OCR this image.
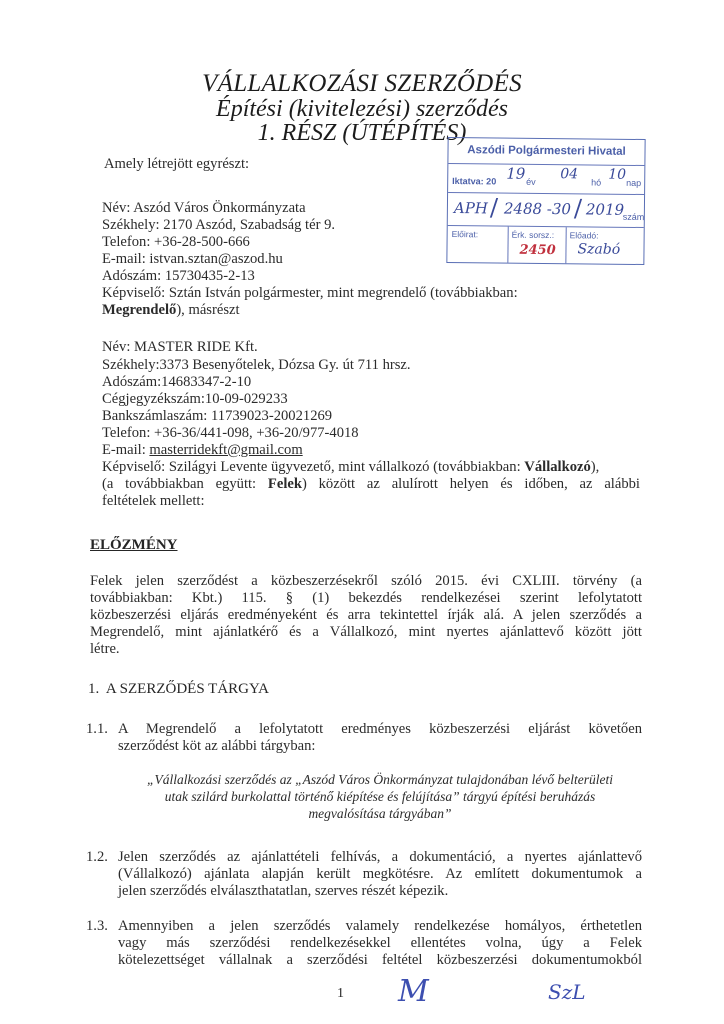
VÁLLALKOZÁSI SZERZŐDÉS
Építési (kivitelezési) szerződés
1. RÉSZ (ÚTÉPÍTÉS)
Aszódi Polgármesteri Hivatal
Iktatva: 20 19 év 04
hó 10
nap
APH / 2488 -30 / 2019
szám
Előirat:	Érk. sorsz.:
2450
Előadó:
Szabó
Amely létrejött egyrészt:
Név: Aszód Város Önkormányzata
Székhely: 2170 Aszód, Szabadság tér 9.
Telefon: +36-28-500-666
E-mail: istvan.sztan@aszod.hu
Adószám: 15730435-2-13
Képviselő: Sztán István polgármester, mint megrendelő (továbbiakban:
Megrendelő), másrészt
Név: MASTER RIDE Kft.
Székhely:3373 Besenyőtelek, Dózsa Gy. út 711 hrsz.
Adószám:14683347-2-10
Cégjegyzékszám:10-09-029233
Bankszámlaszám: 11739023-20021269
Telefon: +36-36/441-098, +36-20/977-4018
E-mail: masterridekft@gmail.com
Képviselő: Szilágyi Levente ügyvezető, mint vállalkozó (továbbiakban: Vállalkozó),
(a továbbiakban együtt: Felek) között az alulírott helyen és időben, az alábbi
feltételek mellett:
ELŐZMÉNY
Felek jelen szerződést a közbeszerzésekről szóló 2015. évi CXLIII. törvény (a
továbbiakban: Kbt.) 115. § (1) bekezdés rendelkezései szerint lefolytatott
közbeszerzési eljárás eredményeként és arra tekintettel írják alá. A jelen szerződés a
Megrendelő, mint ajánlatkérő és a Vállalkozó, mint nyertes ajánlattevő között jött
létre.
1.  A SZERZŐDÉS TÁRGYA
1.1. A Megrendelő a lefolytatott eredményes közbeszerzési eljárást követően
szerződést köt az alábbi tárgyban:
„Vállalkozási szerződés az „Aszód Város Önkormányzat tulajdonában lévő belterületi
utak szilárd burkolattal történő kiépítése és felújítása” tárgyú építési beruházás
megvalósítása tárgyában”
1.2. Jelen szerződés az ajánlattételi felhívás, a dokumentáció, a nyertes ajánlattevő
(Vállalkozó) ajánlata alapján került megkötésre. Az említett dokumentumok a
jelen szerződés elválaszthatatlan, szerves részét képezik.
1.3. Amennyiben a jelen szerződés valamely rendelkezése homályos, érthetetlen
vagy más szerződési rendelkezésekkel ellentétes volna, úgy a Felek
kötelezettséget vállalnak a szerződési feltétel közbeszerzési dokumentumokból
1 M	SzL
